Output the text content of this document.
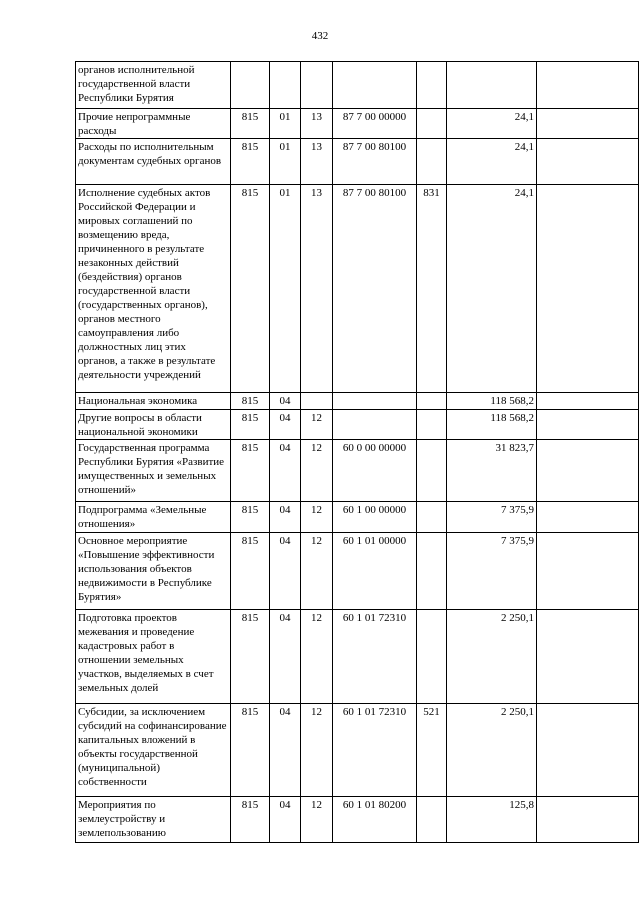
432
органов исполнительной государственной власти Республики Бурятия							
Прочие непрограммные расходы	815	01	13	87 7 00 00000		24,1	
Расходы по исполнительным документам судебных органов	815	01	13	87 7 00 80100		24,1	
Исполнение судебных актов Российской Федерации и мировых соглашений по возмещению вреда, причиненного в результате незаконных действий (бездействия) органов государственной власти (государственных органов), органов местного самоуправления либо должностных лиц этих органов, а также в результате деятельности учреждений	815	01	13	87 7 00 80100	831	24,1	
Национальная экономика	815	04				118 568,2	
Другие вопросы в области национальной экономики	815	04	12			118 568,2	
Государственная программа Республики Бурятия «Развитие имущественных и земельных отношений»	815	04	12	60 0 00 00000		31 823,7	
Подпрограмма «Земельные отношения»	815	04	12	60 1 00 00000		7 375,9	
Основное мероприятие «Повышение эффективности использования объектов недвижимости в Республике Бурятия»	815	04	12	60 1 01 00000		7 375,9	
Подготовка проектов межевания и проведение кадастровых работ в отношении земельных участков, выделяемых в счет земельных долей	815	04	12	60 1 01 72310		2 250,1	
Субсидии, за исключением субсидий на софинансирование капитальных вложений в объекты государственной (муниципальной) собственности	815	04	12	60 1 01 72310	521	2 250,1	
Мероприятия по землеустройству и землепользованию	815	04	12	60 1 01 80200		125,8	
